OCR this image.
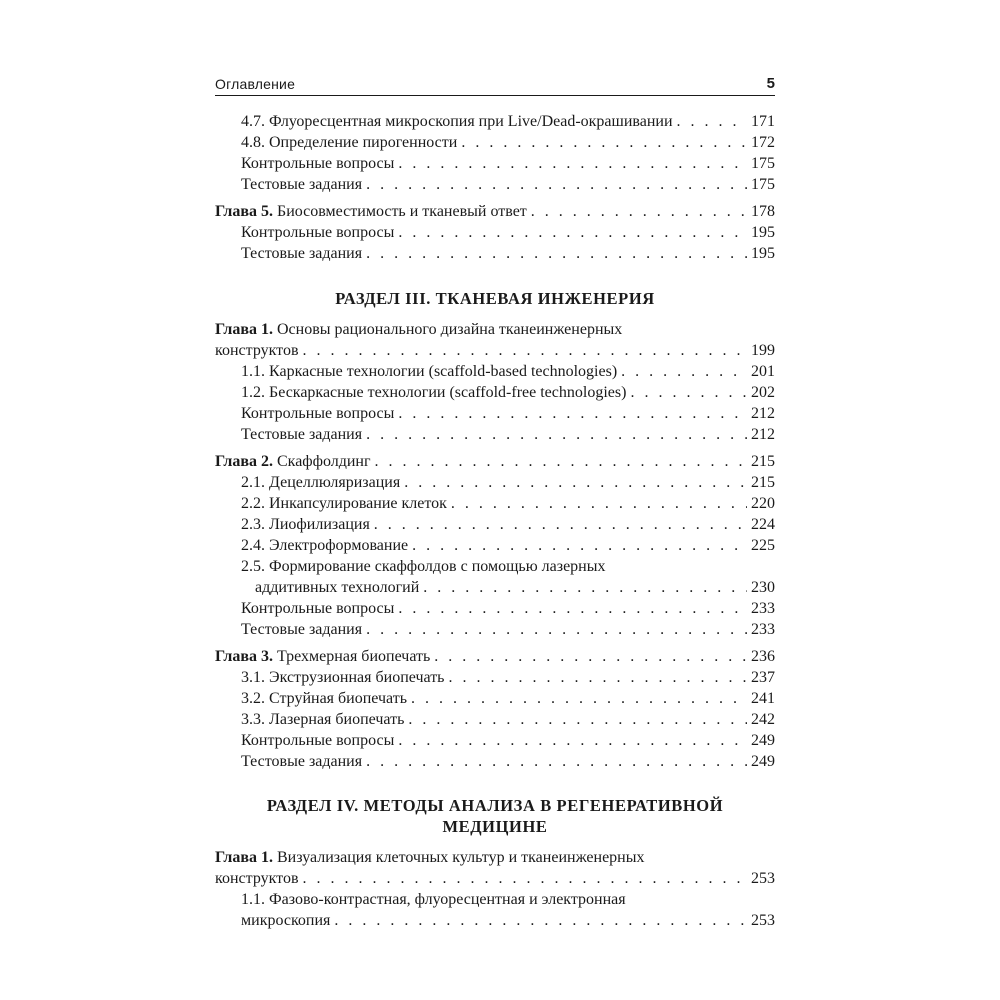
Оглавление	5
4.7. Флуоресцентная микроскопия при Live/Dead-окрашивании . . .	171
4.8. Определение пирогенности . . .	172
Контрольные вопросы . . .	175
Тестовые задания . . .	175
Глава 5. Биосовместимость и тканевый ответ . . .	178
Контрольные вопросы . . .	195
Тестовые задания . . .	195
РАЗДЕЛ III. ТКАНЕВАЯ ИНЖЕНЕРИЯ
Глава 1. Основы рационального дизайна тканеинженерных
конструктов . . .	199
1.1. Каркасные технологии (scaffold-based technologies) . . .	201
1.2. Бескаркасные технологии (scaffold-free technologies) . . .	202
Контрольные вопросы . . .	212
Тестовые задания . . .	212
Глава 2. Скаффолдинг . . .	215
2.1. Децеллюляризация . . .	215
2.2. Инкапсулирование клеток . . .	220
2.3. Лиофилизация . . .	224
2.4. Электроформование . . .	225
2.5. Формирование скаффолдов с помощью лазерных
аддитивных технологий . . .	230
Контрольные вопросы . . .	233
Тестовые задания . . .	233
Глава 3. Трехмерная биопечать . . .	236
3.1. Экструзионная биопечать . . .	237
3.2. Струйная биопечать . . .	241
3.3. Лазерная биопечать . . .	242
Контрольные вопросы . . .	249
Тестовые задания . . .	249
РАЗДЕЛ IV. МЕТОДЫ АНАЛИЗА В РЕГЕНЕРАТИВНОЙ
МЕДИЦИНЕ
Глава 1. Визуализация клеточных культур и тканеинженерных
конструктов . . .	253
1.1. Фазово-контрастная, флуоресцентная и электронная
микроскопия . . .	253
